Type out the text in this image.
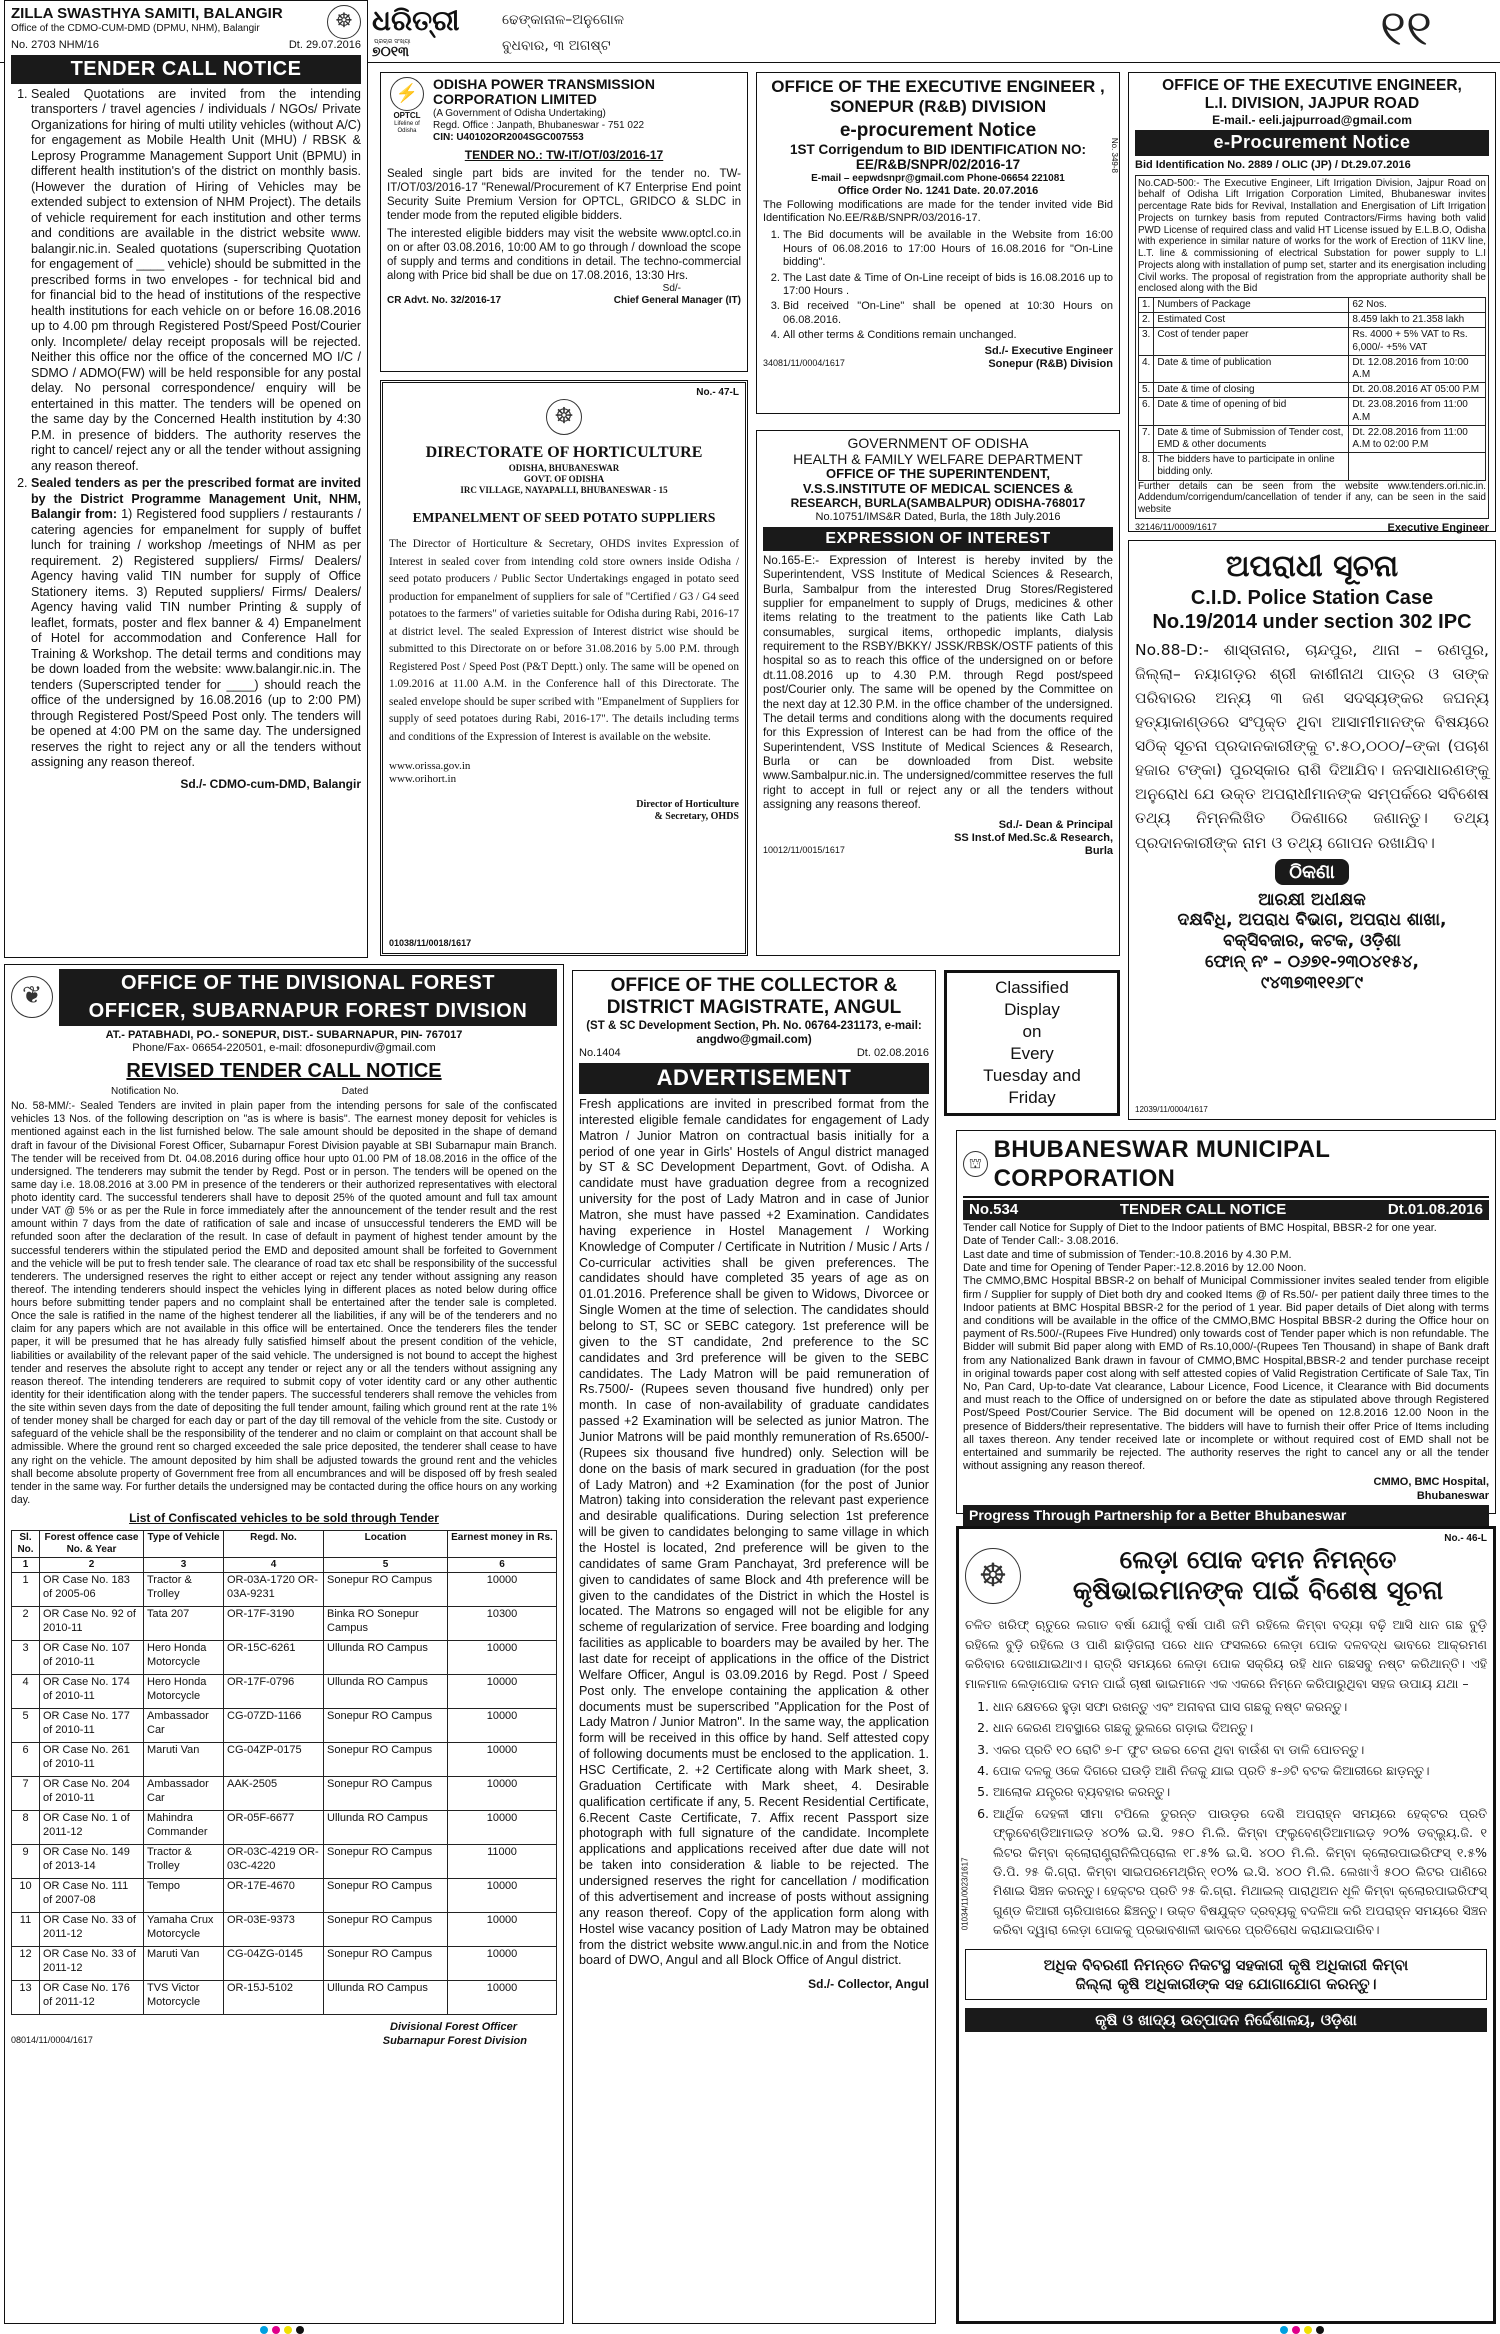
ଧରିତ୍ରୀ
ପ୍ରଚାର ସଂଖ୍ୟା
୭୦୧୩
ଢେଙ୍କାନାଳ–ଅନୁଗୋଳ
ବୁଧବାର, ୩ ଅଗଷ୍ଟ	୧୧
ZILLA SWASTHYA SAMITI, BALANGIR
Office of the CDMO-CUM-DMD (DPMU, NHM), Balangir	☸
No. 2703 NHM/16	Dt. 29.07.2016
TENDER CALL NOTICE
1. Sealed Quotations are invited from the intending transporters / travel agencies / individuals / NGOs/ Private Organizations for hiring of multi utility vehicles (without A/C) for engagement as Mobile Health Unit (MHU) / RBSK & Leprosy Programme Management Support Unit (BPMU) in different health institution's of the district on monthly basis. (However the duration of Hiring of Vehicles may be extended subject to extension of NHM Project). The details of vehicle requirement for each institution and other terms and conditions are available in the district website www. balangir.nic.in. Sealed quotations (superscribing Quotation for engagement of ____ vehicle) should be submitted in the prescribed forms in two envelopes - for technical bid and for financial bid to the head of institutions of the respective health institutions for each vehicle on or before 16.08.2016 up to 4.00 pm through Registered Post/Speed Post/Courier only. Incomplete/ delay receipt proposals will be rejected. Neither this office nor the office of the concerned MO I/C / SDMO / ADMO(FW) will be held responsible for any postal delay. No personal correspondence/ enquiry will be entertained in this matter. The tenders will be opened on the same day by the Concerned Health institution by 4:30 P.M. in presence of bidders. The authority reserves the right to cancel/ reject any or all the tender without assigning any reason thereof.
2. Sealed tenders as per the prescribed format are invited by the District Programme Management Unit, NHM, Balangir from: 1) Registered food suppliers / restaurants / catering agencies for empanelment for supply of buffet lunch for training / workshop /meetings of NHM as per requirement. 2) Registered suppliers/ Firms/ Dealers/ Agency having valid TIN number for supply of Office Stationery items. 3) Reputed suppliers/ Firms/ Dealers/ Agency having valid TIN number Printing & supply of leaflet, formats, poster and flex banner & 4) Empanelment of Hotel for accommodation and Conference Hall for Training & Workshop. The detail terms and conditions may be down loaded from the website: www.balangir.nic.in. The tenders (Superscripted tender for ____) should reach the office of the undersigned by 16.08.2016 (up to 2:00 PM) through Registered Post/Speed Post only. The tenders will be opened at 4:00 PM on the same day. The undersigned reserves the right to reject any or all the tenders without assigning any reason thereof.
Sd./- CDMO-cum-DMD, Balangir
⚡
OPTCL
Lifeline of Odisha
ODISHA POWER TRANSMISSION CORPORATION LIMITED
(A Government of Odisha Undertaking)
Regd. Office : Janpath, Bhubaneswar - 751 022
CIN: U40102OR2004SGC007553
TENDER NO.: TW-IT/OT/03/2016-17
Sealed single part bids are invited for the tender no. TW-IT/OT/03/2016-17 "Renewal/Procurement of K7 Enterprise End point Security Suite Premium Version for OPTCL, GRIDCO & SLDC in tender mode from the reputed eligible bidders.
The interested eligible bidders may visit the website www.optcl.co.in on or after 03.08.2016, 10:00 AM to go through / download the scope of supply and terms and conditions in detail. The techno-commercial along with Price bid shall be due on 17.08.2016, 13:30 Hrs.
Sd/-
CR Advt. No. 32/2016-17	Chief General Manager (IT)
No.- 47-L
☸
DIRECTORATE OF HORTICULTURE
ODISHA, BHUBANESWAR
GOVT. OF ODISHA
IRC VILLAGE, NAYAPALLI, BHUBANESWAR - 15
EMPANELMENT OF SEED POTATO SUPPLIERS
The Director of Horticulture & Secretary, OHDS invites Expression of Interest in sealed cover from intending cold store owners inside Odisha / seed potato producers / Public Sector Undertakings engaged in potato seed production for empanelment of suppliers for sale of "Certified / G3 / G4 seed potatoes to the farmers" of varieties suitable for Odisha during Rabi, 2016-17 at district level. The sealed Expression of Interest district wise should be submitted to this Directorate on or before 31.08.2016 by 5.00 P.M. through Registered Post / Speed Post (P&T Deptt.) only. The same will be opened on 1.09.2016 at 11.00 A.M. in the Conference hall of this Directorate. The sealed envelope should be super scribed with "Empanelment of Suppliers for supply of seed potatoes during Rabi, 2016-17". The details including terms and conditions of the Expression of Interest is available on the website.
www.orissa.gov.in
www.orihort.in
Director of Horticulture
& Secretary, OHDS
01038/11/0018/1617
OFFICE OF THE EXECUTIVE ENGINEER ,
SONEPUR (R&B) DIVISION
e-procurement Notice
1ST Corrigendum to BID IDENTIFICATION NO: EE/R&B/SNPR/02/2016-17
E-mail – eepwdsnpr@gmail.com Phone-06654 221081
Office Order No. 1241 Date. 20.07.2016
The Following modifications are made for the tender invited vide Bid Identification No.EE/R&B/SNPR/03/2016-17.
1. The Bid documents will be available in the Website from 16:00 Hours of 06.08.2016 to 17:00 Hours of 16.08.2016 for "On-Line bidding".
2. The Last date & Time of On-Line receipt of bids is 16.08.2016 up to 17:00 Hours .
3. Bid received "On-Line" shall be opened at 10:30 Hours on 06.08.2016.
4. All other terms & Conditions remain unchanged.
Sd./- Executive Engineer
34081/11/0004/1617	Sonepur (R&B) Division
No. 349-8
GOVERNMENT OF ODISHA
HEALTH & FAMILY WELFARE DEPARTMENT
OFFICE OF THE SUPERINTENDENT,
V.S.S.INSTITUTE OF MEDICAL SCIENCES &
RESEARCH, BURLA(SAMBALPUR) ODISHA-768017
No.10751/IMS&R Dated, Burla, the 18th July.2016
EXPRESSION OF INTEREST
No.165-E:- Expression of Interest is hereby invited by the Superintendent, VSS Institute of Medical Sciences & Research, Burla, Sambalpur from the interested Drug Stores/Registered supplier for empanelment to supply of Drugs, medicines & other items relating to the treatment to the patients like Cath Lab consumables, surgical items, orthopedic implants, dialysis requirement to the RSBY/BKKY/ JSSK/RBSK/OSTF patients of this hospital so as to reach this office of the undersigned on or before dt.11.08.2016 up to 4.30 P.M. through Regd post/speed post/Courier only. The same will be opened by the Committee on the next day at 12.30 P.M. in the office chamber of the undersigned. The detail terms and conditions along with the documents required for this Expression of Interest can be had from the office of the Superintendent, VSS Institute of Medical Sciences & Research, Burla or can be downloaded from Dist. website www.Sambalpur.nic.in. The undersigned/committee reserves the full right to accept in full or reject any or all the tenders without assigning any reasons thereof.
Sd./- Dean & Principal
SS Inst.of Med.Sc.& Research,
10012/11/0015/1617	Burla
OFFICE OF THE EXECUTIVE ENGINEER,
L.I. DIVISION, JAJPUR ROAD
E-mail.- eeli.jajpurroad@gmail.com
e-Procurement Notice
Bid Identification No. 2889 / OLIC (JP) / Dt.29.07.2016
No.CAD-500:- The Executive Engineer, Lift Irrigation Division, Jajpur Road on behalf of Odisha Lift Irrigation Corporation Limited, Bhubaneswar invites percentage Rate bids for Revival, Installation and Energisation of Lift Irrigation Projects on turnkey basis from reputed Contractors/Firms having both valid PWD License of required class and valid HT License issued by E.L.B.O, Odisha with experience in similar nature of works for the work of Erection of 11KV line, L.T. line & commissioning of electrical Substation for power supply to L.I Projects along with installation of pump set, starter and its energisation including Civil works. The proposal of registration from the appropriate authority shall be enclosed along with the Bid
1.	Numbers of Package	62 Nos.
2.	Estimated Cost	8.459 lakh to 21.358 lakh
3.	Cost of tender paper	Rs. 4000 + 5% VAT to Rs. 6,000/- +5% VAT
4.	Date & time of publication	Dt. 12.08.2016 from 10:00 A.M
5.	Date & time of closing	Dt. 20.08.2016 AT 05:00 P.M
6.	Date & time of opening of bid	Dt. 23.08.2016 from 11:00 A.M
7.	Date & time of Submission of Tender cost, EMD & other documents	Dt. 22.08.2016 from 11:00 A.M to 02:00 P.M
8.	The bidders have to participate in online bidding only.	
Further details can be seen from the website www.tenders.ori.nic.in. Addendum/corrigendum/cancellation of tender if any, can be seen in the said website
32146/11/0009/1617	Executive Engineer
ଅପରାଧୀ ସୂଚନା
C.I.D. Police Station Case
No.19/2014 under section 302 IPC
No.88-D:- ଶାସ୍ତାନାର, ଚାନ୍ଦପୁର, ଥାନା – ରଣପୁର, ଜିଲ୍ଲା– ନୟାଗଡ଼ର ଶ୍ରୀ କାଶୀନାଥ ପାତ୍ର ଓ ତାଙ୍କ ପରିବାରର ଅନ୍ୟ ୩ ଜଣ ସଦସ୍ୟଙ୍କର ଜଘନ୍ୟ ହତ୍ୟାକାଣ୍ଡରେ ସଂପୃକ୍ତ ଥିବା ଆସାମୀମାନଙ୍କ ବିଷୟରେ ସଠିକ୍ ସୂଚନା ପ୍ରଦାନକାରୀଙ୍କୁ ଟ.୫୦,୦୦୦/–ଙ୍କା (ପଚାଶ ହଜାର ଟଙ୍କା) ପୁରସ୍କାର ରାଶି ଦିଆଯିବ। ଜନସାଧାରଣଙ୍କୁ ଅନୁରୋଧ ଯେ ଉକ୍ତ ଅପରାଧୀମାନଙ୍କ ସମ୍ପର୍କରେ ସବିଶେଷ ତଥ୍ୟ ନିମ୍ନଲିଖିତ ଠିକଣାରେ ଜଣାନ୍ତୁ। ତଥ୍ୟ ପ୍ରଦାନକାରୀଙ୍କ ନାମ ଓ ତଥ୍ୟ ଗୋପନ ରଖାଯିବ।
ଠିକଣା
ଆରକ୍ଷୀ ଅଧୀକ୍ଷକ
ଦକ୍ଷବିଧି, ଅପରାଧ ବିଭାଗ, ଅପରାଧ ଶାଖା,
ବକ୍ସିବଜାର, କଟକ, ଓଡ଼ିଶା
ଫୋନ୍ ନଂ – ୦୬୭୧-୨୩୦୪୧୫୪,
୯୪୩୭୩୧୧୬୮୯
12039/11/0004/1617
❦	OFFICE OF THE DIVISIONAL FOREST
OFFICER, SUBARNAPUR FOREST DIVISION
AT.- PATABHADI, PO.- SONEPUR, DIST.- SUBARNAPUR, PIN- 767017
Phone/Fax- 06654-220501, e-mail: dfosonepurdiv@gmail.com
REVISED TENDER CALL NOTICE
Notification No.	Dated
No. 58-MM/:- Sealed Tenders are invited in plain paper from the intending persons for sale of the confiscated vehicles 13 Nos. of the following description on "as is where is basis". The earnest money deposit for vehicles is mentioned against each in the list furnished below. The sale amount should be deposited in the shape of demand draft in favour of the Divisional Forest Officer, Subarnapur Forest Division payable at SBI Subarnapur main Branch. The tender will be received from Dt. 04.08.2016 during office hour upto 01.00 PM of 18.08.2016 in the office of the undersigned. The tenderers may submit the tender by Regd. Post or in person. The tenders will be opened on the same day i.e. 18.08.2016 at 3.00 PM in presence of the tenderers or their authorized representatives with electoral photo identity card. The successful tenderers shall have to deposit 25% of the quoted amount and full tax amount under VAT @ 5% or as per the Rule in force immediately after the announcement of the tender result and the rest amount within 7 days from the date of ratification of sale and incase of unsuccessful tenderers the EMD will be refunded soon after the declaration of the result. In case of default in payment of highest tender amount by the successful tenderers within the stipulated period the EMD and deposited amount shall be forfeited to Government and the vehicle will be put to fresh tender sale. The clearance of road tax etc shall be responsibility of the successful tenderers. The undersigned reserves the right to either accept or reject any tender without assigning any reason thereof. The intending tenderers should inspect the vehicles lying in different places as noted below during office hours before submitting tender papers and no complaint shall be entertained after the tender sale is completed. Once the sale is ratified in the name of the highest tenderer all the liabilities, if any will be of the tenderers and no claim for any papers which are not available in this office will be entertained. Once the tenderers files the tender paper, it will be presumed that he has already fully satisfied himself about the present condition of the vehicle, liabilities or availability of the relevant paper of the said vehicle. The undersigned is not bound to accept the highest tender and reserves the absolute right to accept any tender or reject any or all the tenders without assigning any reason thereof. The intending tenderers are required to submit copy of voter identity card or any other authentic identity for their identification along with the tender papers. The successful tenderers shall remove the vehicles from the site within seven days from the date of depositing the full tender amount, failing which ground rent at the rate 1% of tender money shall be charged for each day or part of the day till removal of the vehicle from the site. Custody or safeguard of the vehicle shall be the responsibility of the tenderer and no claim or complaint on that account shall be admissible. Where the ground rent so charged exceeded the sale price deposited, the tenderer shall cease to have any right on the vehicle. The amount deposited by him shall be adjusted towards the ground rent and the vehicles shall become absolute property of Government free from all encumbrances and will be disposed off by fresh sealed tender in the same way. For further details the undersigned may be contacted during the office hours on any working day.
List of Confiscated vehicles to be sold through Tender
Sl. No.	Forest offence case No. & Year	Type of Vehicle	Regd. No.	Location	Earnest money in Rs.
1	2	3	4	5	6
1	OR Case No. 183 of 2005-06	Tractor & Trolley	OR-03A-1720 OR-03A-9231	Sonepur RO Campus	10000
2	OR Case No. 92 of 2010-11	Tata 207	OR-17F-3190	Binka RO Sonepur Campus	10300
3	OR Case No. 107 of 2010-11	Hero Honda Motorcycle	OR-15C-6261	Ullunda RO Campus	10000
4	OR Case No. 174 of 2010-11	Hero Honda Motorcycle	OR-17F-0796	Ullunda RO Campus	10000
5	OR Case No. 177 of 2010-11	Ambassador Car	CG-07ZD-1166	Sonepur RO Campus	10000
6	OR Case No. 261 of 2010-11	Maruti Van	CG-04ZP-0175	Sonepur RO Campus	10000
7	OR Case No. 204 of 2010-11	Ambassador Car	AAK-2505	Sonepur RO Campus	10000
8	OR Case No. 1 of 2011-12	Mahindra Commander	OR-05F-6677	Ullunda RO Campus	10000
9	OR Case No. 149 of 2013-14	Tractor & Trolley	OR-03C-4219 OR-03C-4220	Sonepur RO Campus	11000
10	OR Case No. 111 of 2007-08	Tempo	OR-17E-4670	Sonepur RO Campus	10000
11	OR Case No. 33 of 2011-12	Yamaha Crux Motorcycle	OR-03E-9373	Sonepur RO Campus	10000
12	OR Case No. 33 of 2011-12	Maruti Van	CG-04ZG-0145	Sonepur RO Campus	10000
13	OR Case No. 176 of 2011-12	TVS Victor Motorcycle	OR-15J-5102	Ullunda RO Campus	10000
Divisional Forest Officer
08014/11/0004/1617	Subarnapur Forest Division
OFFICE OF THE COLLECTOR &
DISTRICT MAGISTRATE, ANGUL
(ST & SC Development Section, Ph. No. 06764-231173, e-mail: angdwo@gmail.com)
No.1404	Dt. 02.08.2016
ADVERTISEMENT
Fresh applications are invited in prescribed format from the interested eligible female candidates for engagement of Lady Matron / Junior Matron on contractual basis initially for a period of one year in Girls' Hostels of Angul district managed by ST & SC Development Department, Govt. of Odisha. A candidate must have graduation degree from a recognized university for the post of Lady Matron and in case of Junior Matron, she must have passed +2 Examination. Candidates having experience in Hostel Management / Working Knowledge of Computer / Certificate in Nutrition / Music / Arts / Co-curricular activities shall be given preferences. The candidates should have completed 35 years of age as on 01.01.2016. Preference shall be given to Widows, Divorcee or Single Women at the time of selection. The candidates should belong to ST, SC or SEBC category. 1st preference will be given to the ST candidate, 2nd preference to the SC candidates and 3rd preference will be given to the SEBC candidates. The Lady Matron will be paid remuneration of Rs.7500/- (Rupees seven thousand five hundred) only per month. In case of non-availability of graduate candidates passed +2 Examination will be selected as junior Matron. The Junior Matrons will be paid monthly remuneration of Rs.6500/- (Rupees six thousand five hundred) only. Selection will be done on the basis of mark secured in graduation (for the post of Lady Matron) and +2 Examination (for the post of Junior Matron) taking into consideration the relevant past experience and desirable qualifications. During selection 1st preference will be given to candidates belonging to same village in which the Hostel is located, 2nd preference will be given to the candidates of same Gram Panchayat, 3rd preference will be given to candidates of same Block and 4th preference will be given to the candidates of the District in which the Hostel is located. The Matrons so engaged will not be eligible for any scheme of regularization of service. Free boarding and lodging facilities as applicable to boarders may be availed by her. The last date for receipt of applications in the office of the District Welfare Officer, Angul is 03.09.2016 by Regd. Post / Speed Post only. The envelope containing the application & other documents must be superscribed "Application for the Post of Lady Matron / Junior Matron". In the same way, the application form will be received in this office by hand. Self attested copy of following documents must be enclosed to the application. 1. HSC Certificate, 2. +2 Certificate along with Mark sheet, 3. Graduation Certificate with Mark sheet, 4. Desirable qualification certificate if any, 5. Recent Residential Certificate, 6.Recent Caste Certificate, 7. Affix recent Passport size photograph with full signature of the candidate. Incomplete applications and applications received after due date will not be taken into consideration & liable to be rejected. The undersigned reserves the right for cancellation / modification of this advertisement and increase of posts without assigning any reason thereof. Copy of the application form along with Hostel wise vacancy position of Lady Matron may be obtained from the district website www.angul.nic.in and from the Notice board of DWO, Angul and all Block Office of Angul district.
Sd./- Collector, Angul
Classified
Display
on
Every
Tuesday and
Friday
⛫
BHUBANESWAR MUNICIPAL CORPORATION
No.534	TENDER CALL NOTICE	Dt.01.08.2016
Tender call Notice for Supply of Diet to the Indoor patients of BMC Hospital, BBSR-2 for one year.
Date of Tender Call:- 3.08.2016.
Last date and time of submission of Tender:-10.8.2016 by 4.30 P.M.
Date and time for Opening of Tender Paper:-12.8.2016 by 12.00 Noon.
The CMMO,BMC Hospital BBSR-2 on behalf of Municipal Commissioner invites sealed tender from eligible firm / Supplier for supply of Diet both dry and cooked Items @ of Rs.50/- per patient daily three times to the Indoor patients at BMC Hospital BBSR-2 for the period of 1 year. Bid paper details of Diet along with terms and conditions will be available in the office of the CMMO,BMC Hospital BBSR-2 during the Office hour on payment of Rs.500/-(Rupees Five Hundred) only towards cost of Tender paper which is non refundable. The Bidder will submit Bid paper along with EMD of Rs.10,000/-(Rupees Ten Thousand) in shape of Bank draft from any Nationalized Bank drawn in favour of CMMO,BMC Hospital,BBSR-2 and tender purchase receipt in original towards paper cost along with self attested copies of Valid Registration Certificate of Sale Tax, Tin No, Pan Card, Up-to-date Vat clearance, Labour Licence, Food Licence, it Clearance with Bid documents and must reach to the Office of undersigned on or before the date as stipulated above through Registered Post/Speed Post/Courier Service. The Bid document will be opened on 12.8.2016 12.00 Noon in the presence of Bidders/their representative. The bidders will have to furnish their offer Price of Items including all taxes thereon. Any tender received late or incomplete or without required cost of EMD shall not be entertained and summarily be rejected. The authority reserves the right to cancel any or all the tender without assigning any reason thereof.
CMMO, BMC Hospital,
Bhubaneswar
Progress Through Partnership for a Better Bhubaneswar
No.- 46-L
☸	ଲେଡ଼ା ପୋକ ଦମନ ନିମନ୍ତେ
କୃଷିଭାଇମାନଙ୍କ ପାଇଁ ବିଶେଷ ସୂଚନା
ଚଳିତ ଖରିଫ୍ ଋତୁରେ ଲଗାତ ବର୍ଷା ଯୋଗୁଁ ବର୍ଷା ପାଣି ଜମି ରହିଲେ କିମ୍ବା ବଦ୍ୟା ବଢ଼ି ଆସି ଧାନ ଗଛ ବୁଡ଼ି ରହିଲେ ବୁଡ଼ି ରହିଲେ ଓ ପାଣି ଛାଡ଼ିଗଲା ପରେ ଧାନ ଫସଲରେ ଲେଡ଼ା ପୋକ ଦଳବଦ୍ଧ ଭାବରେ ଆକ୍ରମଣ କରିବାର ଦେଖାଯାଇଥାଏ। ରାତ୍ରି ସମୟରେ ଲେଡ଼ା ପୋକ ସକ୍ରିୟ ରହି ଧାନ ଗଛସବୁ ନଷ୍ଟ କରିଥାନ୍ତି। ଏହି ମାଳମାଳ ଲେଡ଼ାପୋକ ଦମନ ପାଇଁ ଚାଷୀ ଭାଇମାନେ ଏକ ଏକରେ ନିମ୍ନେ କରିପାରୁଥିବା ସହଜ ଉପାୟ ଯଥା –
1. ଧାନ କ୍ଷେତରେ ହୁଡ଼ା ସଫା ରଖନ୍ତୁ ଏବଂ ଅନାବନା ଘାସ ଗଛକୁ ନଷ୍ଟ କରନ୍ତୁ।
2. ଧାନ କେରଣ ଅବସ୍ଥାରେ ଗଛକୁ ଭୁଲରେ ଗଡ଼ାଇ ଦିଅନ୍ତୁ।
3. ଏକର ପ୍ରତି ୧୦ ରୋଟି ୭-୮ ଫୁଟ ଉଚ୍ଚର ଚେନା ଥିବା ବାଉଁଶ ବା ଡାଳି ପୋତନ୍ତୁ।
4. ପୋକ ଦଳକୁ ଓକେ ଦିଗରେ ଘଉଡ଼ି ଆଣି ନିଜକୁ ଯାଇ ପ୍ରତି ୫-୬ଟି ବଟକ କିଆରୀରେ ଛାଡ଼ନ୍ତୁ।
5. ଆଲୋକ ଯନ୍ତ୍ରର ବ୍ୟବହାର କରନ୍ତୁ।
6. ଆର୍ଥିକ ଦେହଳୀ ସୀମା ଟପିଲେ ତୁରନ୍ତ ପାଉଡ଼ର ଦେଶି ଅପରାହ୍ନ ସମୟରେ ହେକ୍ଟର ପ୍ରତି ଫ୍ଲୁବେଣ୍ଡିଆମାଇଡ଼ ୪୦% ଇ.ସି. ୨୫୦ ମି.ଲି. କିମ୍ବା ଫ୍ଲୁବେଣ୍ଡିଆମାଇଡ଼ ୨୦% ଡବ୍ଲ୍ୟୁ.ଜି. ୧ ଲିଟର କିମ୍ବା କ୍ଲୋରାଣ୍ଟ୍ରାନିଲିପ୍ରୋଲ ୧୮.୫% ଇ.ସି. ୪୦୦ ମି.ଲି. କିମ୍ବା କ୍ଲୋରପାଇରିଫସ୍ ୧.୫% ଡି.ପି. ୨୫ କି.ଗ୍ରା. କିମ୍ବା ସାଇପରମେଥ୍ରିନ୍ ୧୦% ଇ.ସି. ୪୦୦ ମି.ଲି. ଲେଖାଏଁ ୫୦୦ ଲିଟର ପାଣିରେ ମିଶାଇ ସିଞ୍ଚନ କରନ୍ତୁ। ହେକ୍ଟର ପ୍ରତି ୨୫ କି.ଗ୍ରା. ମିଥାଇଲ୍ ପାରାଥିଅନ ଧୂଳି କିମ୍ବା କ୍ଲୋରପାଇରିଫସ୍ ଗୁଣ୍ଡ କିଆରୀ ଚାରିପାଖରେ ଛିଞ୍ଚନ୍ତୁ। ଉକ୍ତ ବିଷଯୁକ୍ତ ଦ୍ରବ୍ୟକୁ ବଦଳିଆ କରି ଅପରାହ୍ନ ସମୟରେ ସିଞ୍ଚନ କରିବା ଦ୍ୱାରା ଲେଡ଼ା ପୋକକୁ ପ୍ରଭାବଶାଳୀ ଭାବରେ ପ୍ରତିରୋଧ କରାଯାଇପାରିବ।
ଅଧିକ ବିବରଣୀ ନିମନ୍ତେ ନିକଟସ୍ଥ ସହକାରୀ କୃଷି ଅଧିକାରୀ କିମ୍ବା
ଜିଲ୍ଲା କୃଷି ଅଧିକାରୀଙ୍କ ସହ ଯୋଗାଯୋଗ କରନ୍ତୁ।
କୃଷି ଓ ଖାଦ୍ୟ ଉତ୍ପାଦନ ନିର୍ଦ୍ଦେଶାଳୟ, ଓଡ଼ିଶା
01034/11/0023/1617
